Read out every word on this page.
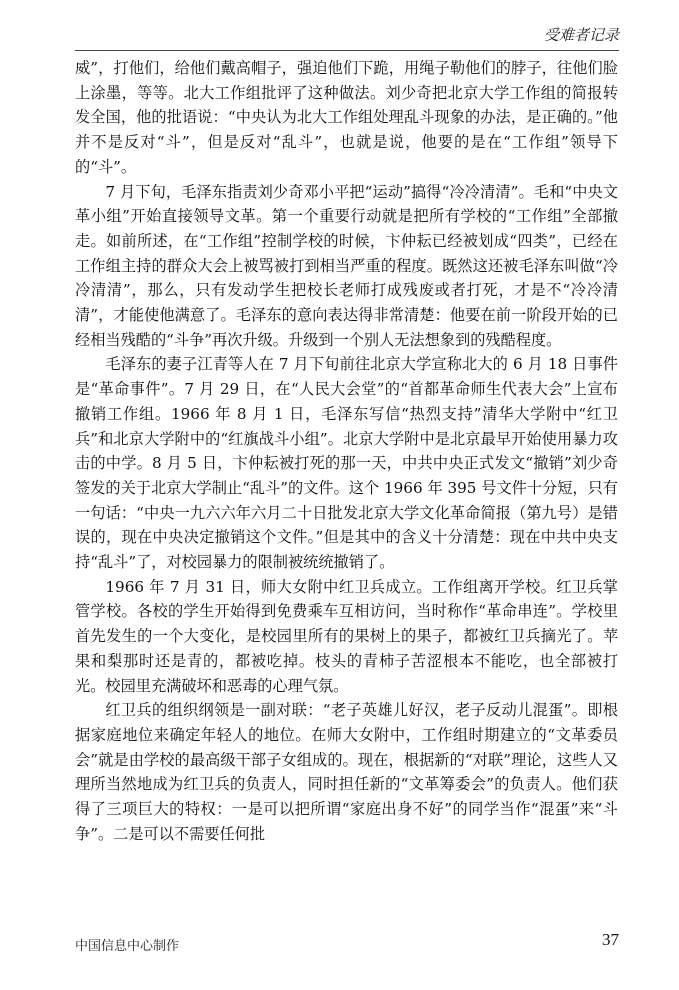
受难者记录

威”，打他们，给他们戴高帽子，强迫他们下跪，用绳子勒他们的脖子，往他们脸上涂墨，等等。北大工作组批评了这种做法。刘少奇把北京大学工作组的简报转发全国，他的批语说：“中央认为北大工作组处理乱斗现象的办法，是正确的。”他并不是反对“斗”，但是反对“乱斗”，也就是说，他要的是在“工作组”领导下的“斗”。

7 月下旬，毛泽东指责刘少奇邓小平把“运动”搞得“冷冷清清”。毛和“中央文革小组”开始直接领导文革。第一个重要行动就是把所有学校的“工作组”全部撤走。如前所述，在“工作组”控制学校的时候，卞仲耘已经被划成“四类”，已经在工作组主持的群众大会上被骂被打到相当严重的程度。既然这还被毛泽东叫做“冷冷清清”，那么，只有发动学生把校长老师打成残废或者打死，才是不“冷冷清清”，才能使他满意了。毛泽东的意向表达得非常清楚：他要在前一阶段开始的已经相当残酷的“斗争”再次升级。升级到一个别人无法想象到的残酷程度。

毛泽东的妻子江青等人在 7 月下旬前往北京大学宣称北大的 6 月 18 日事件是“革命事件”。7 月 29 日，在“人民大会堂”的“首都革命师生代表大会”上宣布撤销工作组。1966 年 8 月 1 日，毛泽东写信“热烈支持”清华大学附中“红卫兵”和北京大学附中的“红旗战斗小组”。北京大学附中是北京最早开始使用暴力攻击的中学。8 月 5 日，卞仲耘被打死的那一天，中共中央正式发文“撤销”刘少奇签发的关于北京大学制止“乱斗”的文件。这个 1966 年 395 号文件十分短，只有一句话：“中央一九六六年六月二十日批发北京大学文化革命简报（第九号）是错误的，现在中央决定撤销这个文件。”但是其中的含义十分清楚：现在中共中央支持“乱斗”了，对校园暴力的限制被统统撤销了。

1966 年 7 月 31 日，师大女附中红卫兵成立。工作组离开学校。红卫兵掌管学校。各校的学生开始得到免费乘车互相访问，当时称作“革命串连”。学校里首先发生的一个大变化，是校园里所有的果树上的果子，都被红卫兵摘光了。苹果和梨那时还是青的，都被吃掉。枝头的青柿子苦涩根本不能吃，也全部被打光。校园里充满破坏和恶毒的心理气氛。

红卫兵的组织纲领是一副对联：“老子英雄儿好汉，老子反动儿混蛋”。即根据家庭地位来确定年轻人的地位。在师大女附中，工作组时期建立的“文革委员会”就是由学校的最高级干部子女组成的。现在，根据新的“对联”理论，这些人又理所当然地成为红卫兵的负责人，同时担任新的“文革筹委会”的负责人。他们获得了三项巨大的特权：一是可以把所谓“家庭出身不好”的同学当作“混蛋”来“斗争”。二是可以不需要任何批

中国信息中心制作	37
